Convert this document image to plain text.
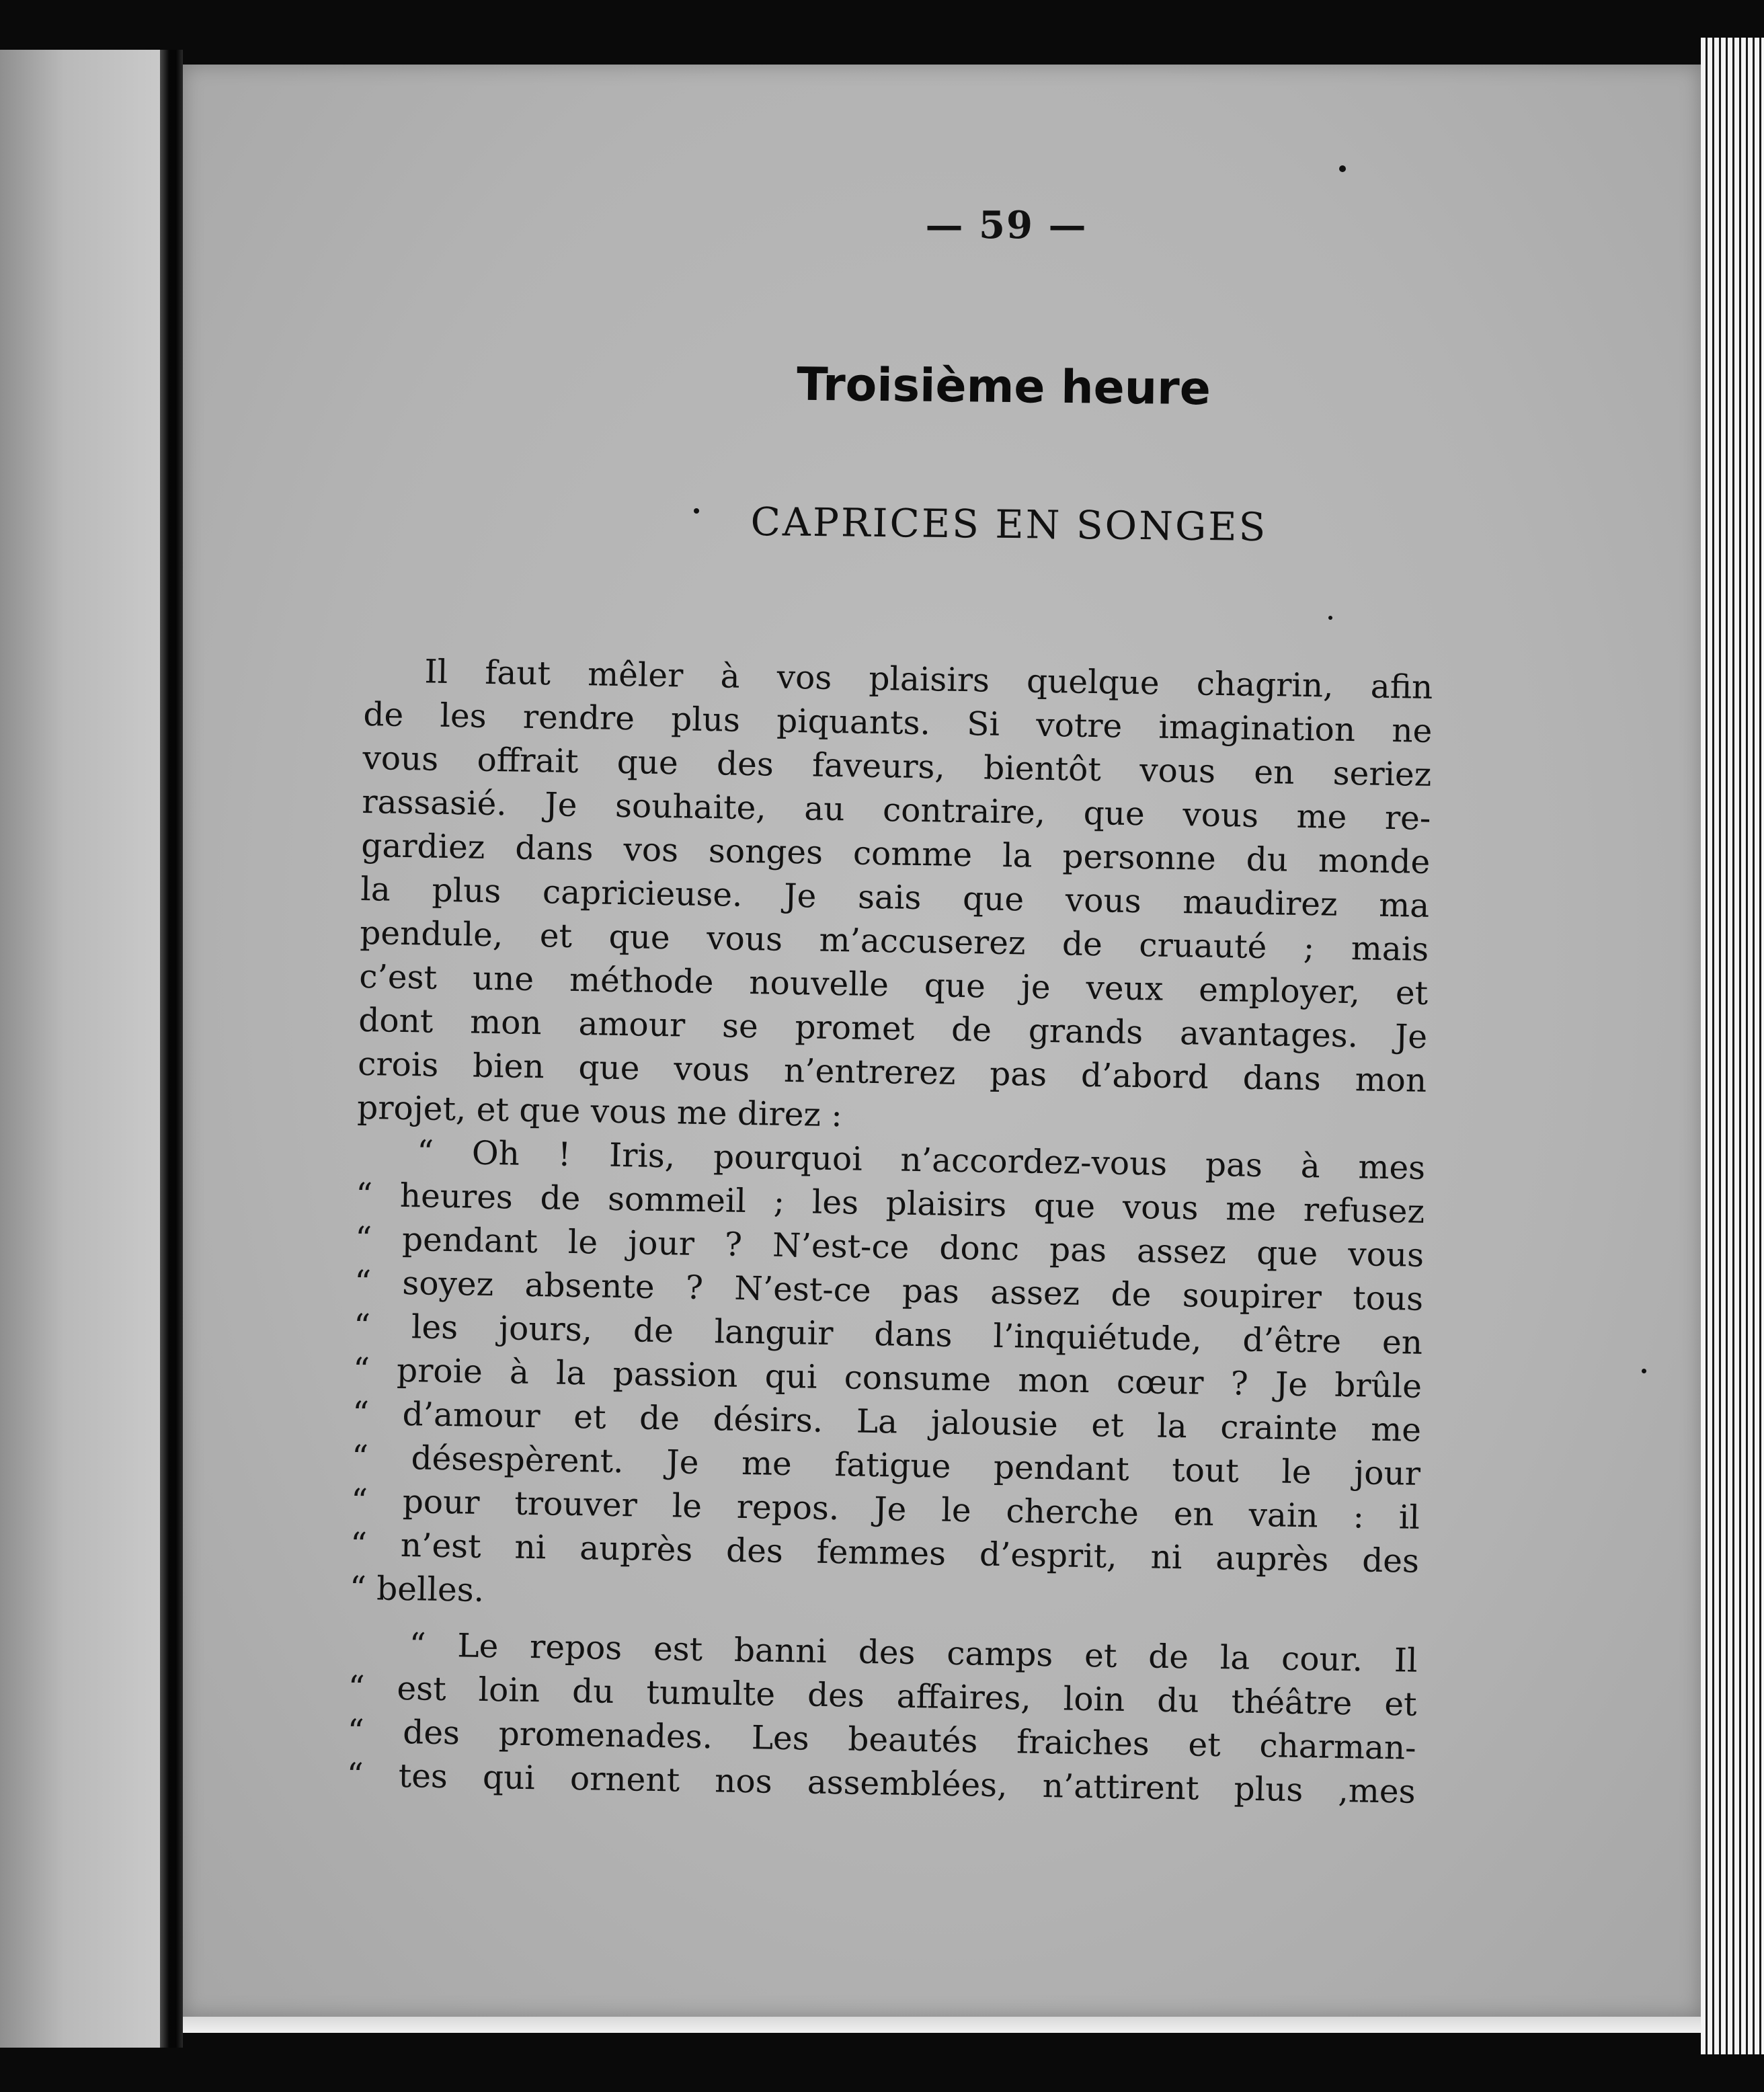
— 59 —
Troisième heure
CAPRICES EN SONGES
Il faut mêler à vos plaisirs quelque chagrin, afin
de les rendre plus piquants. Si votre imagination ne
vous offrait que des faveurs, bientôt vous en seriez
rassasié. Je souhaite, au contraire, que vous me re-
gardiez dans vos songes comme la personne du monde
la plus capricieuse. Je sais que vous maudirez ma
pendule, et que vous m’accuserez de cruauté ; mais
c’est une méthode nouvelle que je veux employer, et
dont mon amour se promet de grands avantages. Je
crois bien que vous n’entrerez pas d’abord dans mon
projet, et que vous me direz :
“ Oh ! Iris, pourquoi n’accordez-vous pas à mes
“ heures de sommeil ; les plaisirs que vous me refusez
“ pendant le jour ? N’est-ce donc pas assez que vous
“ soyez absente ? N’est-ce pas assez de soupirer tous
“ les jours, de languir dans l’inquiétude, d’être en
“ proie à la passion qui consume mon cœur ? Je brûle
“ d’amour et de désirs. La jalousie et la crainte me
“ désespèrent. Je me fatigue pendant tout le jour
“ pour trouver le repos. Je le cherche en vain : il
“ n’est ni auprès des femmes d’esprit, ni auprès des
“ belles.
“ Le repos est banni des camps et de la cour. Il
“ est loin du tumulte des affaires, loin du théâtre et
“ des promenades. Les beautés fraiches et charman-
“ tes qui ornent nos assemblées, n’attirent plus ,mes
